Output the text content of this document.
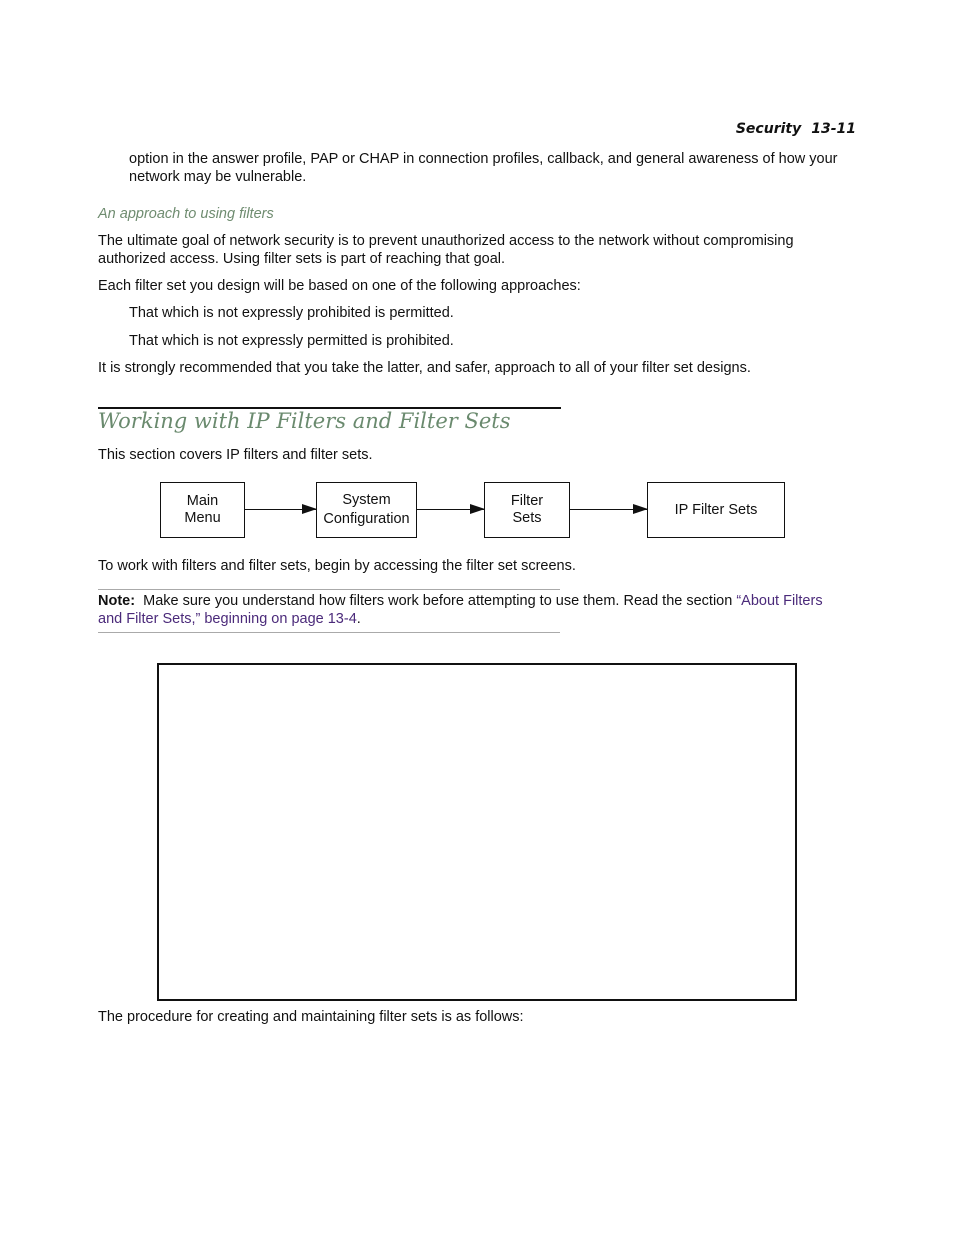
Security 13-11
option in the answer profile, PAP or CHAP in connection profiles, callback, and general awareness of how your network may be vulnerable.
An approach to using filters
The ultimate goal of network security is to prevent unauthorized access to the network without compromising authorized access. Using filter sets is part of reaching that goal.
Each filter set you design will be based on one of the following approaches:
That which is not expressly prohibited is permitted.
That which is not expressly permitted is prohibited.
It is strongly recommended that you take the latter, and safer, approach to all of your filter set designs.
Working with IP Filters and Filter Sets
This section covers IP filters and filter sets.
Main
Menu
System
Configuration
Filter
Sets
IP Filter Sets
To work with filters and filter sets, begin by accessing the filter set screens.
Note: Make sure you understand how filters work before attempting to use them. Read the section “About Filters and Filter Sets,” beginning on page 13-4.
The procedure for creating and maintaining filter sets is as follows:
